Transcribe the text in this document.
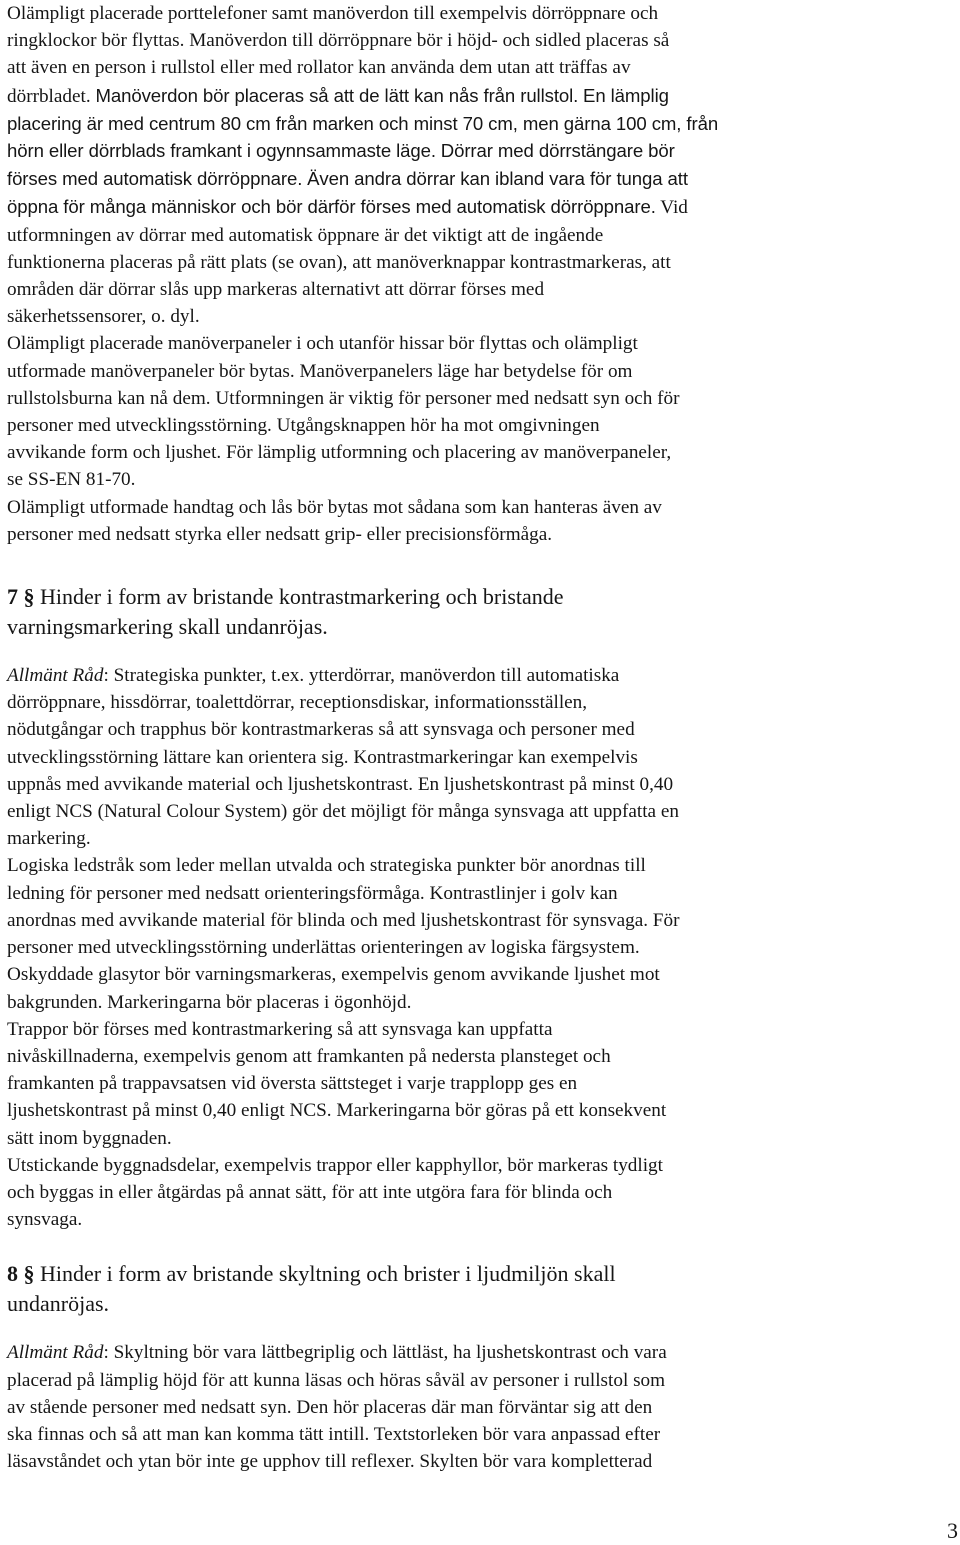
Olämpligt placerade porttelefoner samt manöverdon till exempelvis dörröppnare och
ringklockor bör flyttas. Manöverdon till dörröppnare bör i höjd- och sidled placeras så
att även en person i rullstol eller med rollator kan använda dem utan att träffas av
dörrbladet. Manöverdon bör placeras så att de lätt kan nås från rullstol. En lämplig
placering är med centrum 80 cm från marken och minst 70 cm, men gärna 100 cm, från
hörn eller dörrblads framkant i ogynnsammaste läge. Dörrar med dörrstängare bör
förses med automatisk dörröppnare. Även andra dörrar kan ibland vara för tunga att
öppna för många människor och bör därför förses med automatisk dörröppnare. Vid
utformningen av dörrar med automatisk öppnare är det viktigt att de ingående
funktionerna placeras på rätt plats (se ovan), att manöverknappar kontrastmarkeras, att
områden där dörrar slås upp markeras alternativt att dörrar förses med
säkerhetssensorer, o. dyl.
Olämpligt placerade manöverpaneler i och utanför hissar bör flyttas och olämpligt
utformade manöverpaneler bör bytas. Manöverpanelers läge har betydelse för om
rullstolsburna kan nå dem. Utformningen är viktig för personer med nedsatt syn och för
personer med utvecklingsstörning. Utgångsknappen hör ha mot omgivningen
avvikande form och ljushet. För lämplig utformning och placering av manöverpaneler,
se SS-EN 81-70.
Olämpligt utformade handtag och lås bör bytas mot sådana som kan hanteras även av
personer med nedsatt styrka eller nedsatt grip- eller precisionsförmåga.
7 § Hinder i form av bristande kontrastmarkering och bristande
varningsmarkering skall undanröjas.
Allmänt Råd: Strategiska punkter, t.ex. ytterdörrar, manöverdon till automatiska
dörröppnare, hissdörrar, toalettdörrar, receptionsdiskar, informationsställen,
nödutgångar och trapphus bör kontrastmarkeras så att synsvaga och personer med
utvecklingsstörning lättare kan orientera sig. Kontrastmarkeringar kan exempelvis
uppnås med avvikande material och ljushetskontrast. En ljushetskontrast på minst 0,40
enligt NCS (Natural Colour System) gör det möjligt för många synsvaga att uppfatta en
markering.
Logiska ledstråk som leder mellan utvalda och strategiska punkter bör anordnas till
ledning för personer med nedsatt orienteringsförmåga. Kontrastlinjer i golv kan
anordnas med avvikande material för blinda och med ljushetskontrast för synsvaga. För
personer med utvecklingsstörning underlättas orienteringen av logiska färgsystem.
Oskyddade glasytor bör varningsmarkeras, exempelvis genom avvikande ljushet mot
bakgrunden. Markeringarna bör placeras i ögonhöjd.
Trappor bör förses med kontrastmarkering så att synsvaga kan uppfatta
nivåskillnaderna, exempelvis genom att framkanten på nedersta plansteget och
framkanten på trappavsatsen vid översta sättsteget i varje trapplopp ges en
ljushetskontrast på minst 0,40 enligt NCS. Markeringarna bör göras på ett konsekvent
sätt inom byggnaden.
Utstickande byggnadsdelar, exempelvis trappor eller kapphyllor, bör markeras tydligt
och byggas in eller åtgärdas på annat sätt, för att inte utgöra fara för blinda och
synsvaga.
8 § Hinder i form av bristande skyltning och brister i ljudmiljön skall
undanröjas.
Allmänt Råd: Skyltning bör vara lättbegriplig och lättläst, ha ljushetskontrast och vara
placerad på lämplig höjd för att kunna läsas och höras såväl av personer i rullstol som
av stående personer med nedsatt syn. Den hör placeras där man förväntar sig att den
ska finnas och så att man kan komma tätt intill. Textstorleken bör vara anpassad efter
läsavståndet och ytan bör inte ge upphov till reflexer. Skylten bör vara kompletterad
3
